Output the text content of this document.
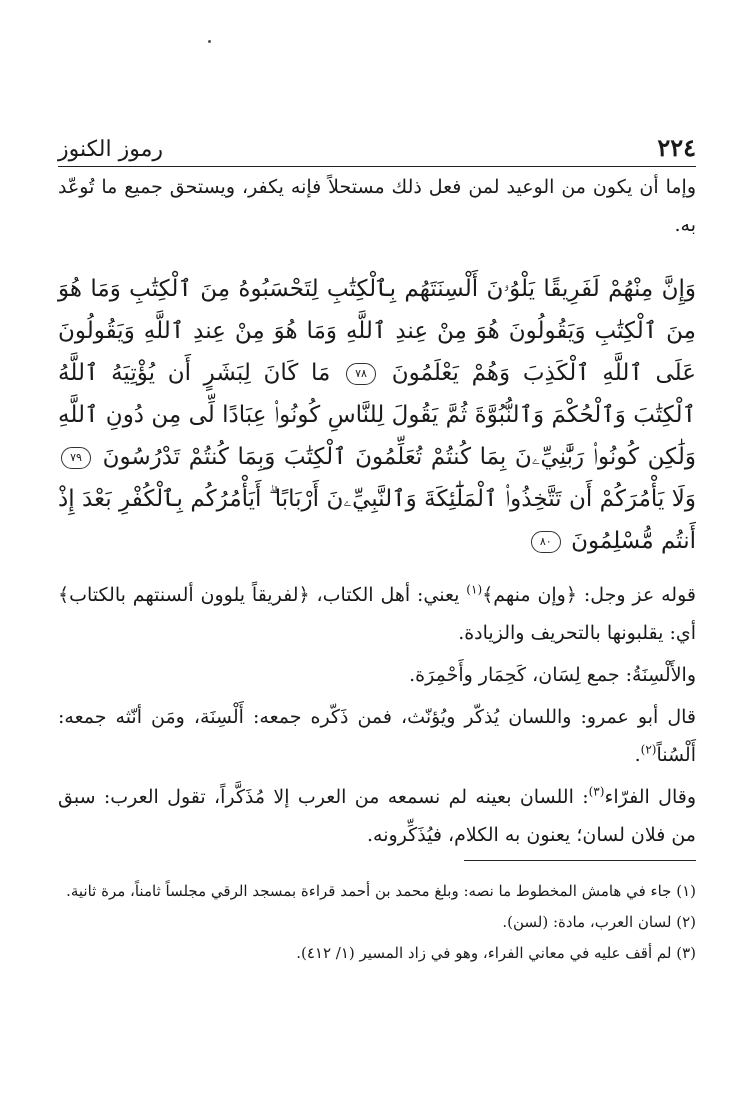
رموز الكنوز	٢٢٤

وإما أن يكون من الوعيد لمن فعل ذلك مستحلاً فإنه يكفر، ويستحق جميع ما تُوعّد به.

وَإِنَّ مِنْهُمْ لَفَرِيقًا يَلْوُۥنَ أَلْسِنَتَهُم بِٱلْكِتَٰبِ لِتَحْسَبُوهُ مِنَ ٱلْكِتَٰبِ وَمَا هُوَ مِنَ ٱلْكِتَٰبِ وَيَقُولُونَ هُوَ مِنْ عِندِ ٱللَّهِ وَمَا هُوَ مِنْ عِندِ ٱللَّهِ وَيَقُولُونَ عَلَى ٱللَّهِ ٱلْكَذِبَ وَهُمْ يَعْلَمُونَ ٧٨ مَا كَانَ لِبَشَرٍ أَن يُؤْتِيَهُ ٱللَّهُ ٱلْكِتَٰبَ وَٱلْحُكْمَ وَٱلنُّبُوَّةَ ثُمَّ يَقُولَ لِلنَّاسِ كُونُوا۟ عِبَادًا لِّى مِن دُونِ ٱللَّهِ وَلَٰكِن كُونُوا۟ رَبَّٰنِيِّۦنَ بِمَا كُنتُمْ تُعَلِّمُونَ ٱلْكِتَٰبَ وَبِمَا كُنتُمْ تَدْرُسُونَ ٧٩ وَلَا يَأْمُرَكُمْ أَن تَتَّخِذُوا۟ ٱلْمَلَٰٓئِكَةَ وَٱلنَّبِيِّۦنَ أَرْبَابًا ۗ أَيَأْمُرُكُم بِٱلْكُفْرِ بَعْدَ إِذْ أَنتُم مُّسْلِمُونَ ٨٠

قوله عز وجل: ﴿وإن منهم﴾$^{(١)}$ يعني: أهل الكتاب، ﴿لفريقاً يلوون ألسنتهم بالكتاب﴾ أي: يقلبونها بالتحريف والزيادة.

والأَلْسِنَةُ: جمع لِسَان، كَحِمَار وأَحْمِرَة.

قال أبو عمرو: واللسان يُذكّر ويُؤنّث، فمن ذَكّره جمعه: أَلْسِنَة، ومَن أنّثه جمعه: أَلْسُناً$^{(٢)}$.

وقال الفرّاء$^{(٣)}$: اللسان بعينه لم نسمعه من العرب إلا مُذَكَّراً، تقول العرب: سبق من فلان لسان؛ يعنون به الكلام، فيُذَكِّرونه.

(١) جاء في هامش المخطوط ما نصه: وبلغ محمد بن أحمد قراءة بمسجد الرقي مجلساً ثامناً، مرة ثانية.

(٢) لسان العرب، مادة: (لسن).

(٣) لم أقف عليه في معاني الفراء، وهو في زاد المسير (١/ ٤١٢).
